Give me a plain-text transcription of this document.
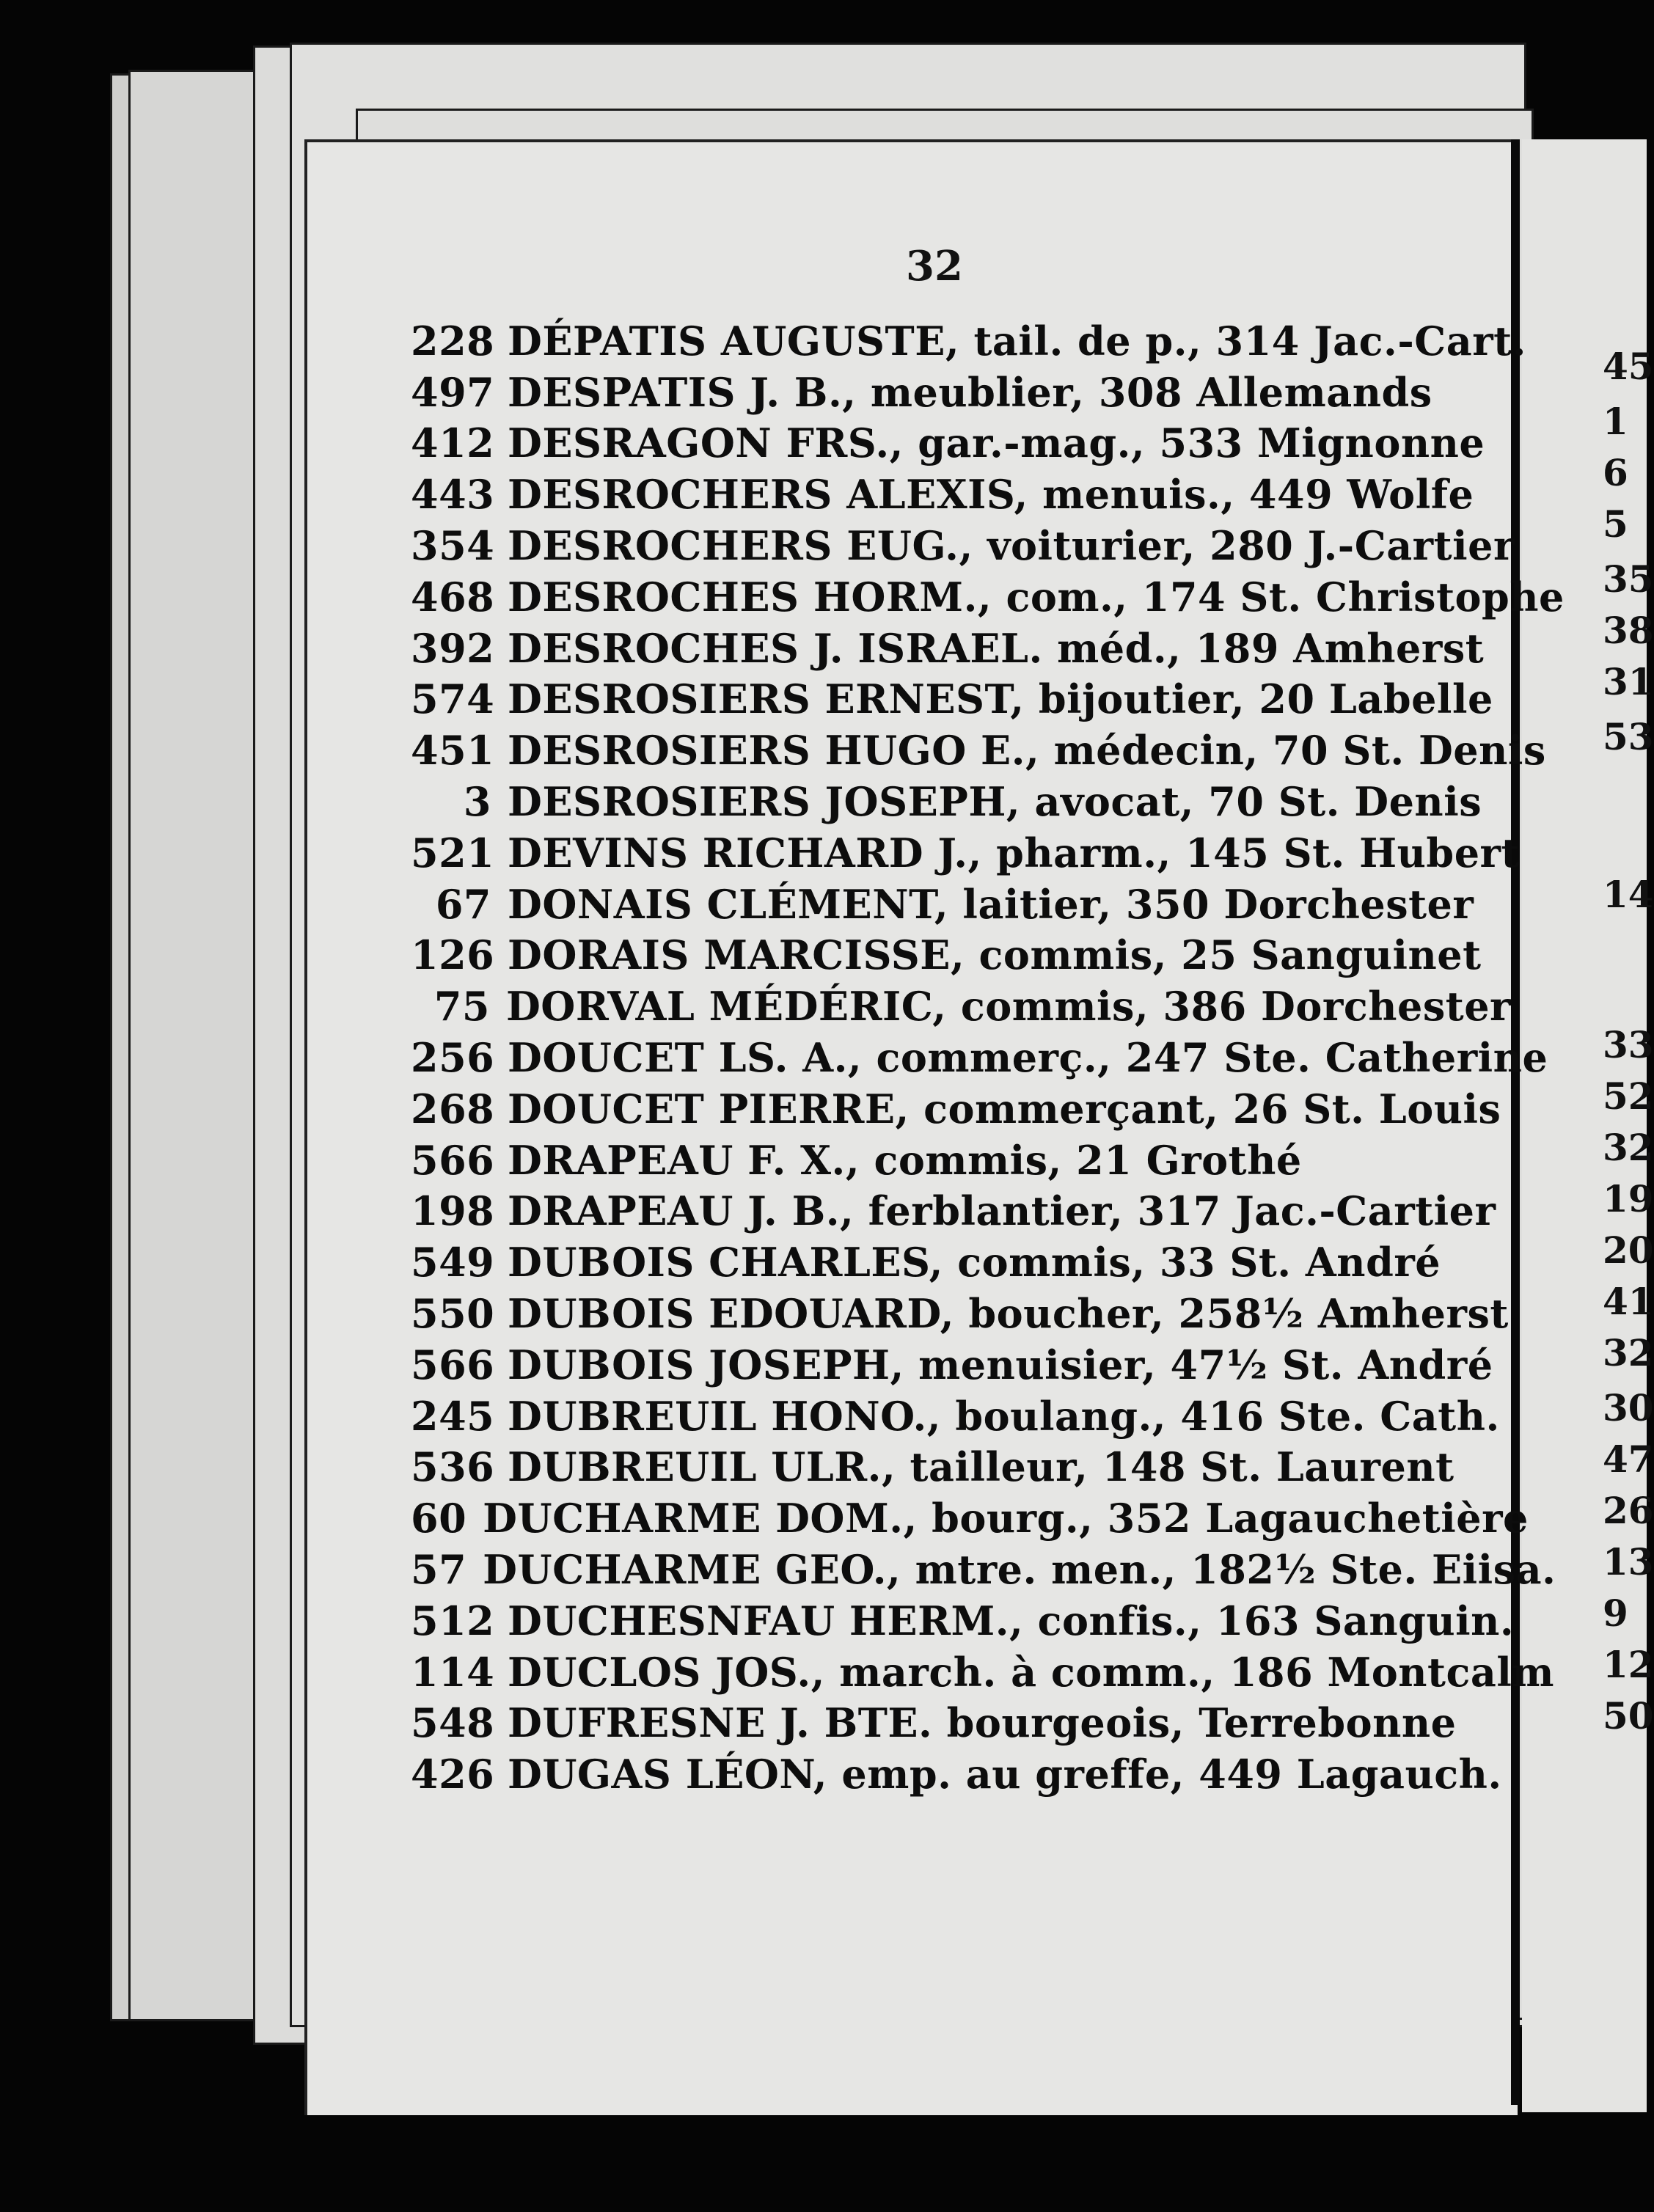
32
228 DÉPATIS AUGUSTE, tail. de p., 314 Jac.-Cart.
497 DESPATIS J. B., meublier, 308 Allemands
412 DESRAGON FRS., gar.-mag., 533 Mignonne
443 DESROCHERS ALEXIS, menuis., 449 Wolfe
354 DESROCHERS EUG., voiturier, 280 J.-Cartier
468 DESROCHES HORM., com., 174 St. Christophe
392 DESROCHES J. ISRAEL. méd., 189 Amherst
574 DESROSIERS ERNEST, bijoutier, 20 Labelle
451 DESROSIERS HUGO E., médecin, 70 St. Denis
3 DESROSIERS JOSEPH, avocat, 70 St. Denis
521 DEVINS RICHARD J., pharm., 145 St. Hubert
67 DONAIS CLÉMENT, laitier, 350 Dorchester
126 DORAIS MARCISSE, commis, 25 Sanguinet
75 DORVAL MÉDÉRIC, commis, 386 Dorchester
256 DOUCET LS. A., commerç., 247 Ste. Catherine
268 DOUCET PIERRE, commerçant, 26 St. Louis
566 DRAPEAU F. X., commis, 21 Grothé
198 DRAPEAU J. B., ferblantier, 317 Jac.-Cartier
549 DUBOIS CHARLES, commis, 33 St. André
550 DUBOIS EDOUARD, boucher, 258½ Amherst
566 DUBOIS JOSEPH, menuisier, 47½ St. André
245 DUBREUIL HONO., boulang., 416 Ste. Cath.
536 DUBREUIL ULR., tailleur, 148 St. Laurent
60 DUCHARME DOM., bourg., 352 Lagauchetière
57 DUCHARME GEO., mtre. men., 182½ Ste. Eiisa.
512 DUCHESNFAU HERM., confis., 163 Sanguin.
114 DUCLOS JOS., march. à comm., 186 Montcalm
548 DUFRESNE J. BTE. bourgeois, Terrebonne
426 DUGAS LÉON, emp. au greffe, 449 Lagauch.
45
1
6
5
35
38
31
53
14
33
52
32
19
20
41
32
30
47
26
13
9
12
50
